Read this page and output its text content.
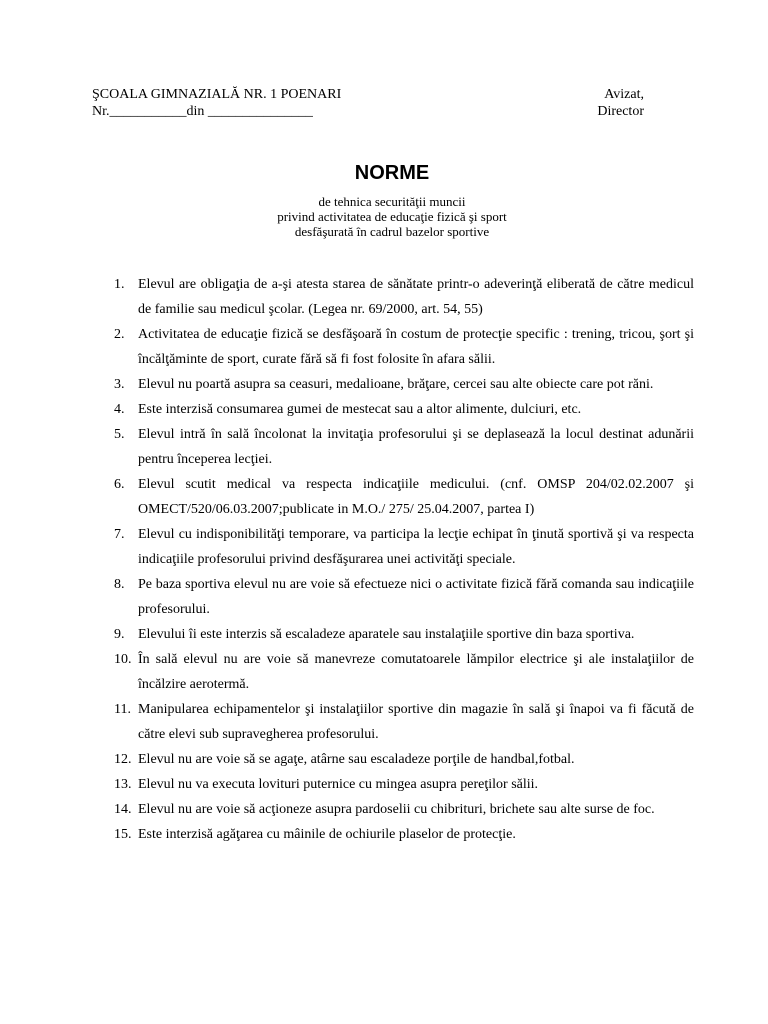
ŞCOALA GIMNAZIALĂ NR. 1 POENARI
Nr.___________din _______________
Avizat,
Director
NORME
de tehnica securităţii muncii
privind activitatea de educaţie fizică şi sport
desfăşurată în cadrul bazelor sportive
1. Elevul are obligaţia de a-şi atesta starea de sănătate printr-o adeverinţă eliberată de către medicul de familie sau medicul şcolar. (Legea nr. 69/2000, art. 54, 55)
2. Activitatea de educaţie fizică se desfăşoară în costum de protecţie specific : trening, tricou, şort şi încălţăminte de sport, curate fără să fi fost folosite în afara sălii.
3. Elevul nu poartă asupra sa ceasuri, medalioane, brăţare, cercei sau alte obiecte care pot răni.
4. Este interzisă consumarea gumei de mestecat sau a altor alimente, dulciuri, etc.
5. Elevul intră în sală încolonat la invitaţia profesorului şi se deplasează la locul destinat adunării pentru începerea lecţiei.
6. Elevul scutit medical va respecta indicaţiile medicului. (cnf. OMSP 204/02.02.2007 şi OMECT/520/06.03.2007;publicate in M.O./ 275/ 25.04.2007, partea I)
7. Elevul cu indisponibilităţi temporare, va participa la lecţie echipat în ţinută sportivă şi va respecta indicaţiile profesorului privind desfăşurarea unei activităţi speciale.
8. Pe baza sportiva elevul nu are voie să efectueze nici o activitate fizică fără comanda sau indicaţiile profesorului.
9. Elevului îi este interzis să escaladeze aparatele sau instalaţiile sportive din baza sportiva.
10. În sală elevul nu are voie să manevreze comutatoarele lămpilor electrice şi ale instalaţiilor de încălzire aerotermă.
11. Manipularea echipamentelor şi instalaţiilor sportive din magazie în sală şi înapoi va fi făcută de către elevi sub supravegherea profesorului.
12. Elevul nu are voie să se agaţe, atârne sau escaladeze porţile de handbal,fotbal.
13. Elevul nu va executa lovituri puternice cu mingea asupra pereţilor sălii.
14. Elevul nu are voie să acţioneze asupra pardoselii cu chibrituri, brichete sau alte surse de foc.
15. Este interzisă agăţarea cu mâinile de ochiurile plaselor de protecţie.
